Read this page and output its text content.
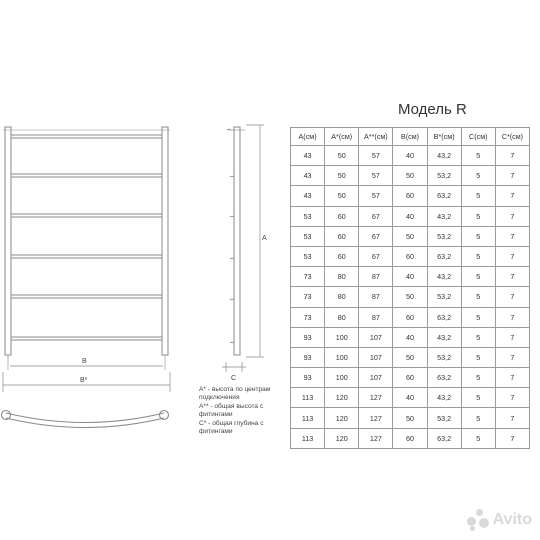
B
B*
A
C
A* - высота по центрам
подключения
A** - общая высота с
фитингами
C* - общая глубина с
фитингами
Модель R
A(см)	A*(см)	A**(см)	B(см)	B*(см)	C(см)	C*(см)
43	50	57	40	43,2	5	7
43	50	57	50	53,2	5	7
43	50	57	60	63,2	5	7
53	60	67	40	43,2	5	7
53	60	67	50	53,2	5	7
53	60	67	60	63,2	5	7
73	80	87	40	43,2	5	7
73	80	87	50	53,2	5	7
73	80	87	60	63,2	5	7
93	100	107	40	43,2	5	7
93	100	107	50	53,2	5	7
93	100	107	60	63,2	5	7
113	120	127	40	43,2	5	7
113	120	127	50	53,2	5	7
113	120	127	60	63,2	5	7
Avito
